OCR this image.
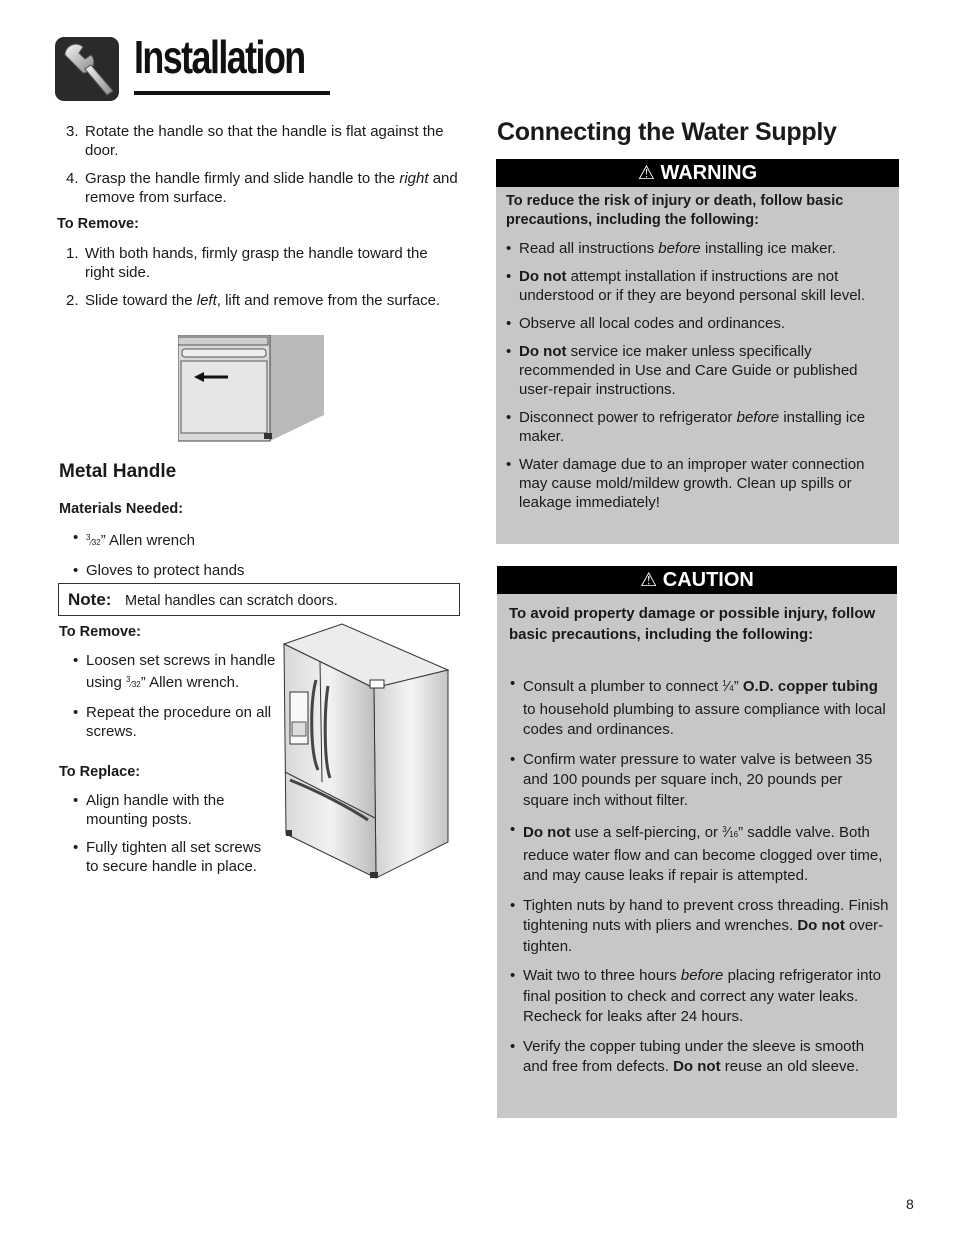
Installation
3. Rotate the handle so that the handle is flat against the door.
4. Grasp the handle firmly and slide handle to the right and remove from surface.
To Remove:
1. With both hands, firmly grasp the handle toward the right side.
2. Slide toward the left, lift and remove from the surface.
Metal Handle
Materials Needed:
• $^3$⁄32” Allen wrench
• Gloves to protect hands
Note: Metal handles can scratch doors.
To Remove:
• Loosen set screws in handle using $^3$⁄32” Allen wrench.
• Repeat the procedure on all screws.
To Replace:
• Align handle with the mounting posts.
• Fully tighten all set screws to secure handle in place.
Connecting the Water Supply
⚠ WARNING
To reduce the risk of injury or death, follow basic precautions, including the following:
• Read all instructions before installing ice maker.
• Do not attempt installation if instructions are not understood or if they are beyond personal skill level.
• Observe all local codes and ordinances.
• Do not service ice maker unless specifically recommended in Use and Care Guide or published user-repair instructions.
• Disconnect power to refrigerator before installing ice maker.
• Water damage due to an improper water connection may cause mold/mildew growth. Clean up spills or leakage immediately!
⚠ CAUTION
To avoid property damage or possible injury, follow basic precautions, including the following:
• Consult a plumber to connect $^1$⁄4” O.D. copper tubing to household plumbing to assure compliance with local codes and ordinances.
• Confirm water pressure to water valve is between 35 and 100 pounds per square inch, 20 pounds per square inch without filter.
• Do not use a self-piercing, or $^3$⁄16” saddle valve. Both reduce water flow and can become clogged over time, and may cause leaks if repair is attempted.
• Tighten nuts by hand to prevent cross threading. Finish tightening nuts with pliers and wrenches. Do not over-tighten.
• Wait two to three hours before placing refrigerator into final position to check and correct any water leaks. Recheck for leaks after 24 hours.
• Verify the copper tubing under the sleeve is smooth and free from defects. Do not reuse an old sleeve.
8
